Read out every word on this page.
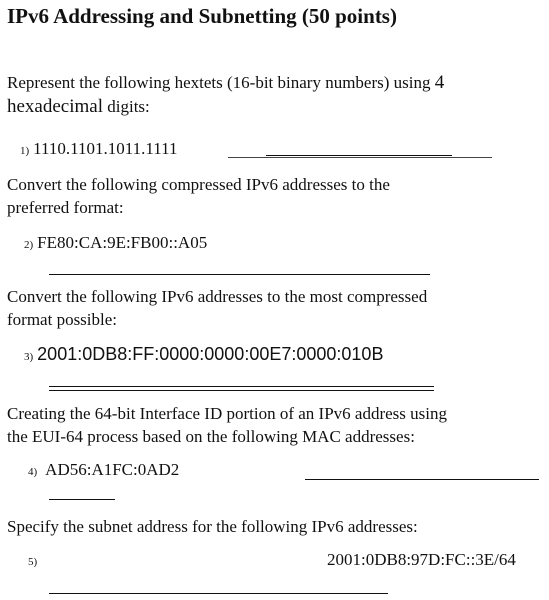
IPv6 Addressing and Subnetting (50 points)
Represent the following hextets (16-bit binary numbers) using 4
hexadecimal digits:
1) 1110.1101.1011.1111
Convert the following compressed IPv6 addresses to the
preferred format:
2) FE80:CA:9E:FB00::A05
Convert the following IPv6 addresses to the most compressed
format possible:
3) 2001:0DB8:FF:0000:0000:00E7:0000:010B
Creating the 64-bit Interface ID portion of an IPv6 address using
the EUI-64 process based on the following MAC addresses:
4) AD56:A1FC:0AD2
Specify the subnet address for the following IPv6 addresses:
5)	2001:0DB8:97D:FC::3E/64
